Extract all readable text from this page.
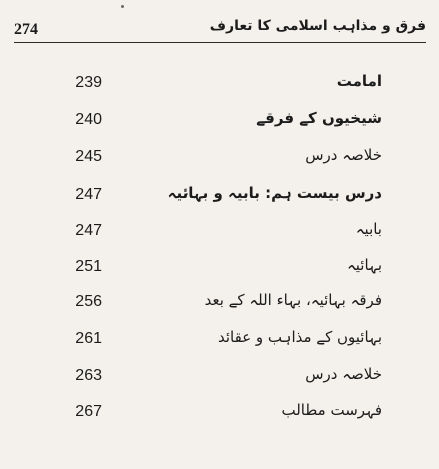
274	فرق و مذاہب اسلامی کا تعارف
239	امامت
240	شیخیوں کے فرقے
245	خلاصہ درس
247	درس بیست ہم: بابیہ و بہائیہ
247	بابیہ
251	بہائیہ
256	فرقہ بہائیہ، بہاء اللہ کے بعد
261	بہائیوں کے مذاہب و عقائد
263	خلاصہ درس
267	فہرست مطالب
